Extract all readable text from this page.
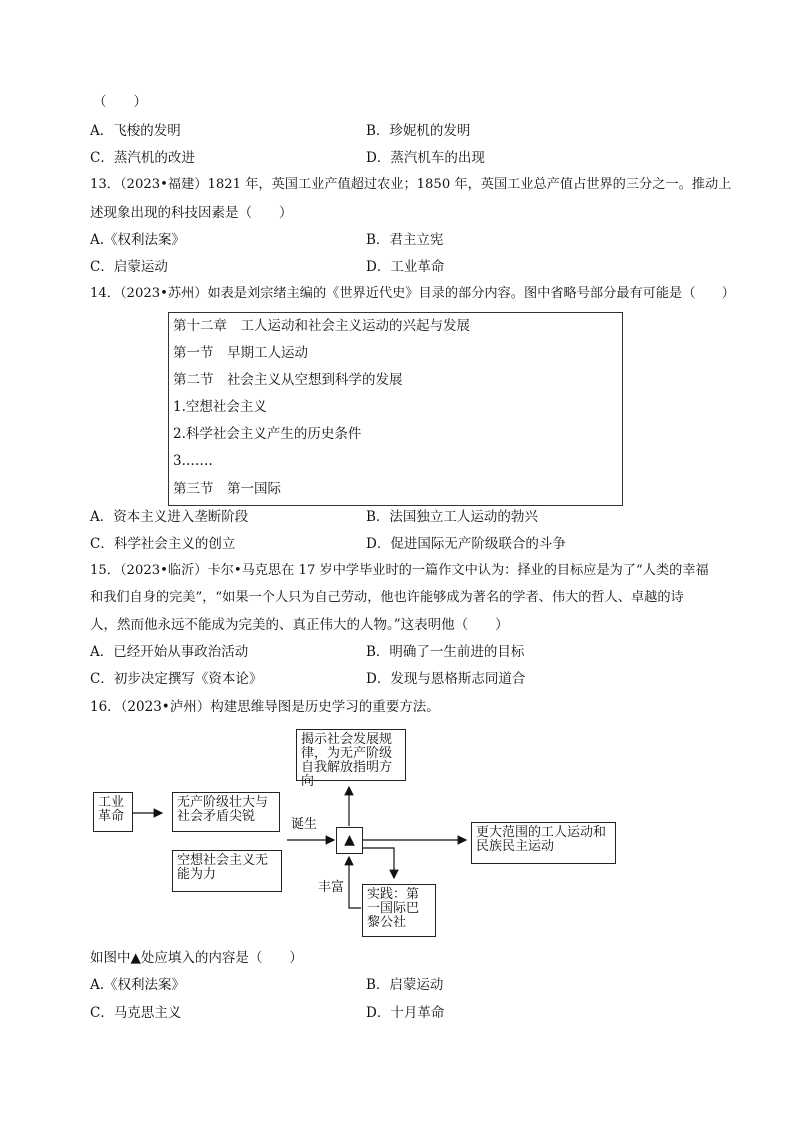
（　　）
A．飞梭的发明	B．珍妮机的发明
C．蒸汽机的改进	D．蒸汽机车的出现
13．（2023•福建）1821 年，英国工业产值超过农业；1850 年，英国工业总产值占世界的三分之一。推动上
述现象出现的科技因素是（　　）
A.《权利法案》	B．君主立宪
C．启蒙运动	D．工业革命
14．（2023•苏州）如表是刘宗绪主编的《世界近代史》目录的部分内容。图中省略号部分最有可能是（　　）
第十二章　工人运动和社会主义运动的兴起与发展
第一节　早期工人运动
第二节　社会主义从空想到科学的发展
1.空想社会主义
2.科学社会主义产生的历史条件
3.……
第三节　第一国际
A．资本主义进入垄断阶段	B．法国独立工人运动的勃兴
C．科学社会主义的创立	D．促进国际无产阶级联合的斗争
15．（2023•临沂）卡尔•马克思在 17 岁中学毕业时的一篇作文中认为：择业的目标应是为了“人类的幸福
和我们自身的完美”，“如果一个人只为自己劳动，他也许能够成为著名的学者、伟大的哲人、卓越的诗
人，然而他永远不能成为完美的、真正伟大的人物。”这表明他（　　）
A．已经开始从事政治活动	B．明确了一生前进的目标
C．初步决定撰写《资本论》	D．发现与恩格斯志同道合
16．（2023•泸州）构建思维导图是历史学习的重要方法。
工业革命
无产阶级壮大与社会矛盾尖锐
空想社会主义无能为力
揭示社会发展规律，为无产阶级自我解放指明方向
更大范围的工人运动和民族民主运动
实践：第一国际巴黎公社
▲
诞生
丰富
如图中▲处应填入的内容是（　　）
A.《权利法案》	B．启蒙运动
C．马克思主义	D．十月革命
